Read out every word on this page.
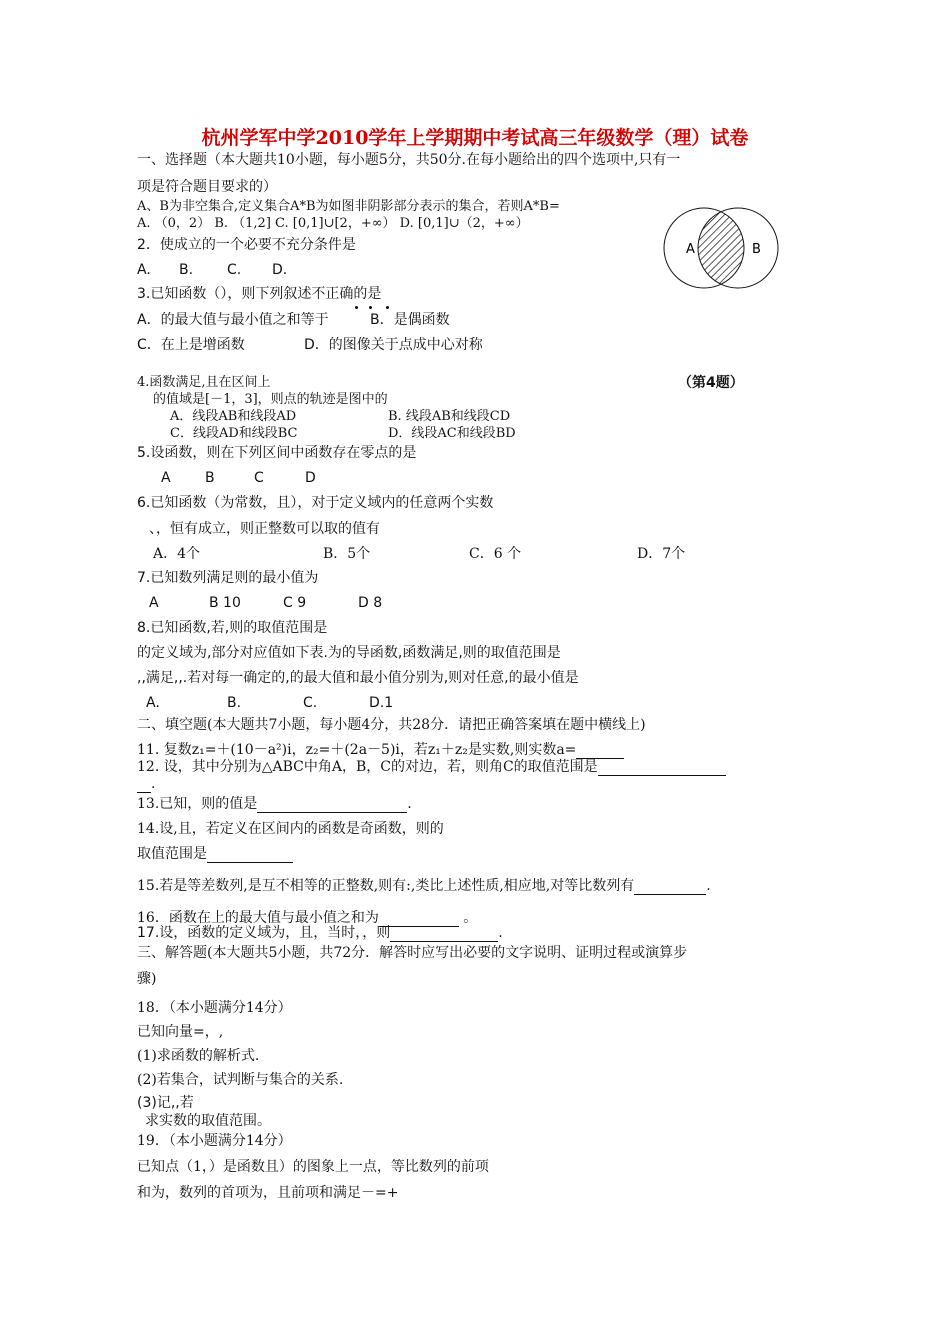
杭州学军中学2010学年上学期期中考试高三年级数学（理）试卷
一、选择题（本大题共10小题，每小题5分，共50分.在每小题给出的四个选项中,只有一
项是符合题目要求的）
A、B为非空集合,定义集合A*B为如图非阴影部分表示的集合，若则A*B=
A. （0，2） B. （1,2] C. [0,1]∪[2，+∞） D. [0,1]∪（2，+∞）
A	B
2．使成立的一个必要不充分条件是
A. B. C. D.
3.已知函数（），则下列叙述不正确的是
A．的最大值与最小值之和等于	B．是偶函数
C．在上是增函数	D．的图像关于点成中心对称
4.函数满足,且在区间上	（第4题）
的值域是[－1，3]，则点的轨迹是图中的
A．线段AB和线段AD	B. 线段AB和线段CD
C．线段AD和线段BC	D．线段AC和线段BD
5.设函数，则在下列区间中函数存在零点的是
A B	C	D
6.已知函数（为常数，且），对于定义域内的任意两个实数
、，恒有成立，则正整数可以取的值有
A．4个	B．5个	C．6 个	D．7个
7.已知数列满足则的最小值为
A	B 10	C 9	D 8
8.已知函数,若,则的取值范围是
的定义域为,部分对应值如下表.为的导函数,函数满足,则的取值范围是
,,满足,,.若对每一确定的,的最大值和最小值分别为,则对任意,的最小值是
A.	B.	C.	D.1
二、填空题(本大题共7小题，每小题4分，共28分．请把正确答案填在题中横线上)
11. 复数z₁=＋(10－a²)i，z₂=＋(2a－5)i，若z₁＋z₂是实数,则实数a=
12. 设，其中分别为△ABC中角A，B，C的对边，若，则角C的取值范围是
.
13.已知，则的值是	.
14.设,且，若定义在区间内的函数是奇函数，则的
取值范围是
15.若是等差数列,是互不相等的正整数,则有:,类比上述性质,相应地,对等比数列有	.
16．函数在上的最大值与最小值之和为	。
17.设，函数的定义域为，且，当时，，则	.
三、解答题(本大题共5小题，共72分．解答时应写出必要的文字说明、证明过程或演算步
骤)
18．（本小题满分14分）
已知向量=，,
(1)求函数的解析式.
(2)若集合，试判断与集合的关系.
(3)记,,若
求实数的取值范围。
19．（本小题满分14分）
已知点（1，）是函数且）的图象上一点，等比数列的前项
和为，数列的首项为，且前项和满足－=+
